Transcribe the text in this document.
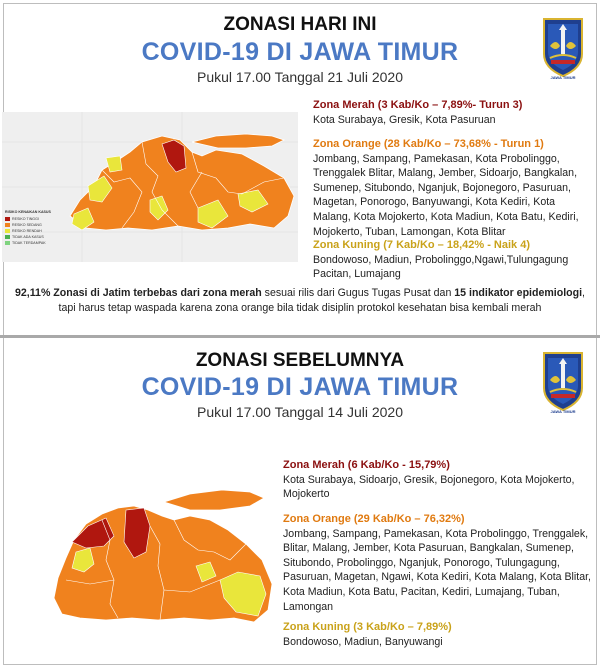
ZONASI HARI INI
COVID-19 DI JAWA TIMUR
Pukul 17.00 Tanggal 21 Juli 2020	JAWA TIMUR
RISIKO KENAIKAN KASUS
RESIKO TINGGI
RESIKO SEDANG
RESIKO RENDAH
TIDAK ADA KASUS
TIDAK TERDAMPAK
Zona Merah (3 Kab/Ko – 7,89%- Turun 3)
Kota Surabaya, Gresik, Kota Pasuruan
Zona Orange (28 Kab/Ko – 73,68% - Turun 1)
Jombang, Sampang, Pamekasan, Kota Probolinggo, Trenggalek Blitar, Malang, Jember, Sidoarjo, Bangkalan, Sumenep, Situbondo, Nganjuk, Bojonegoro, Pasuruan, Magetan, Ponorogo, Banyuwangi, Kota Kediri, Kota Malang, Kota Mojokerto, Kota Madiun, Kota Batu, Kediri, Mojokerto, Tuban, Lamongan, Kota Blitar
Zona Kuning (7 Kab/Ko – 18,42% - Naik 4)
Bondowoso, Madiun, Probolinggo,Ngawi,Tulungagung Pacitan, Lumajang
92,11% Zonasi di Jatim terbebas dari zona merah sesuai rilis dari Gugus Tugas Pusat dan 15 indikator epidemiologi,
tapi harus tetap waspada karena zona orange bila tidak disiplin protokol kesehatan bisa kembali merah
ZONASI SEBELUMNYA
COVID-19 DI JAWA TIMUR
Pukul 17.00 Tanggal 14 Juli 2020	JAWA TIMUR
Zona Merah (6 Kab/Ko - 15,79%)
Kota Surabaya, Sidoarjo, Gresik, Bojonegoro, Kota Mojokerto, Mojokerto
Zona Orange (29 Kab/Ko – 76,32%)
Jombang, Sampang, Pamekasan, Kota Probolinggo, Trenggalek, Blitar, Malang, Jember, Kota Pasuruan, Bangkalan, Sumenep, Situbondo, Probolinggo, Nganjuk, Ponorogo, Tulungagung, Pasuruan, Magetan, Ngawi, Kota Kediri, Kota Malang, Kota Blitar, Kota Madiun, Kota Batu, Pacitan, Kediri, Lumajang, Tuban, Lamongan
Zona Kuning (3 Kab/Ko – 7,89%)
Bondowoso, Madiun, Banyuwangi
